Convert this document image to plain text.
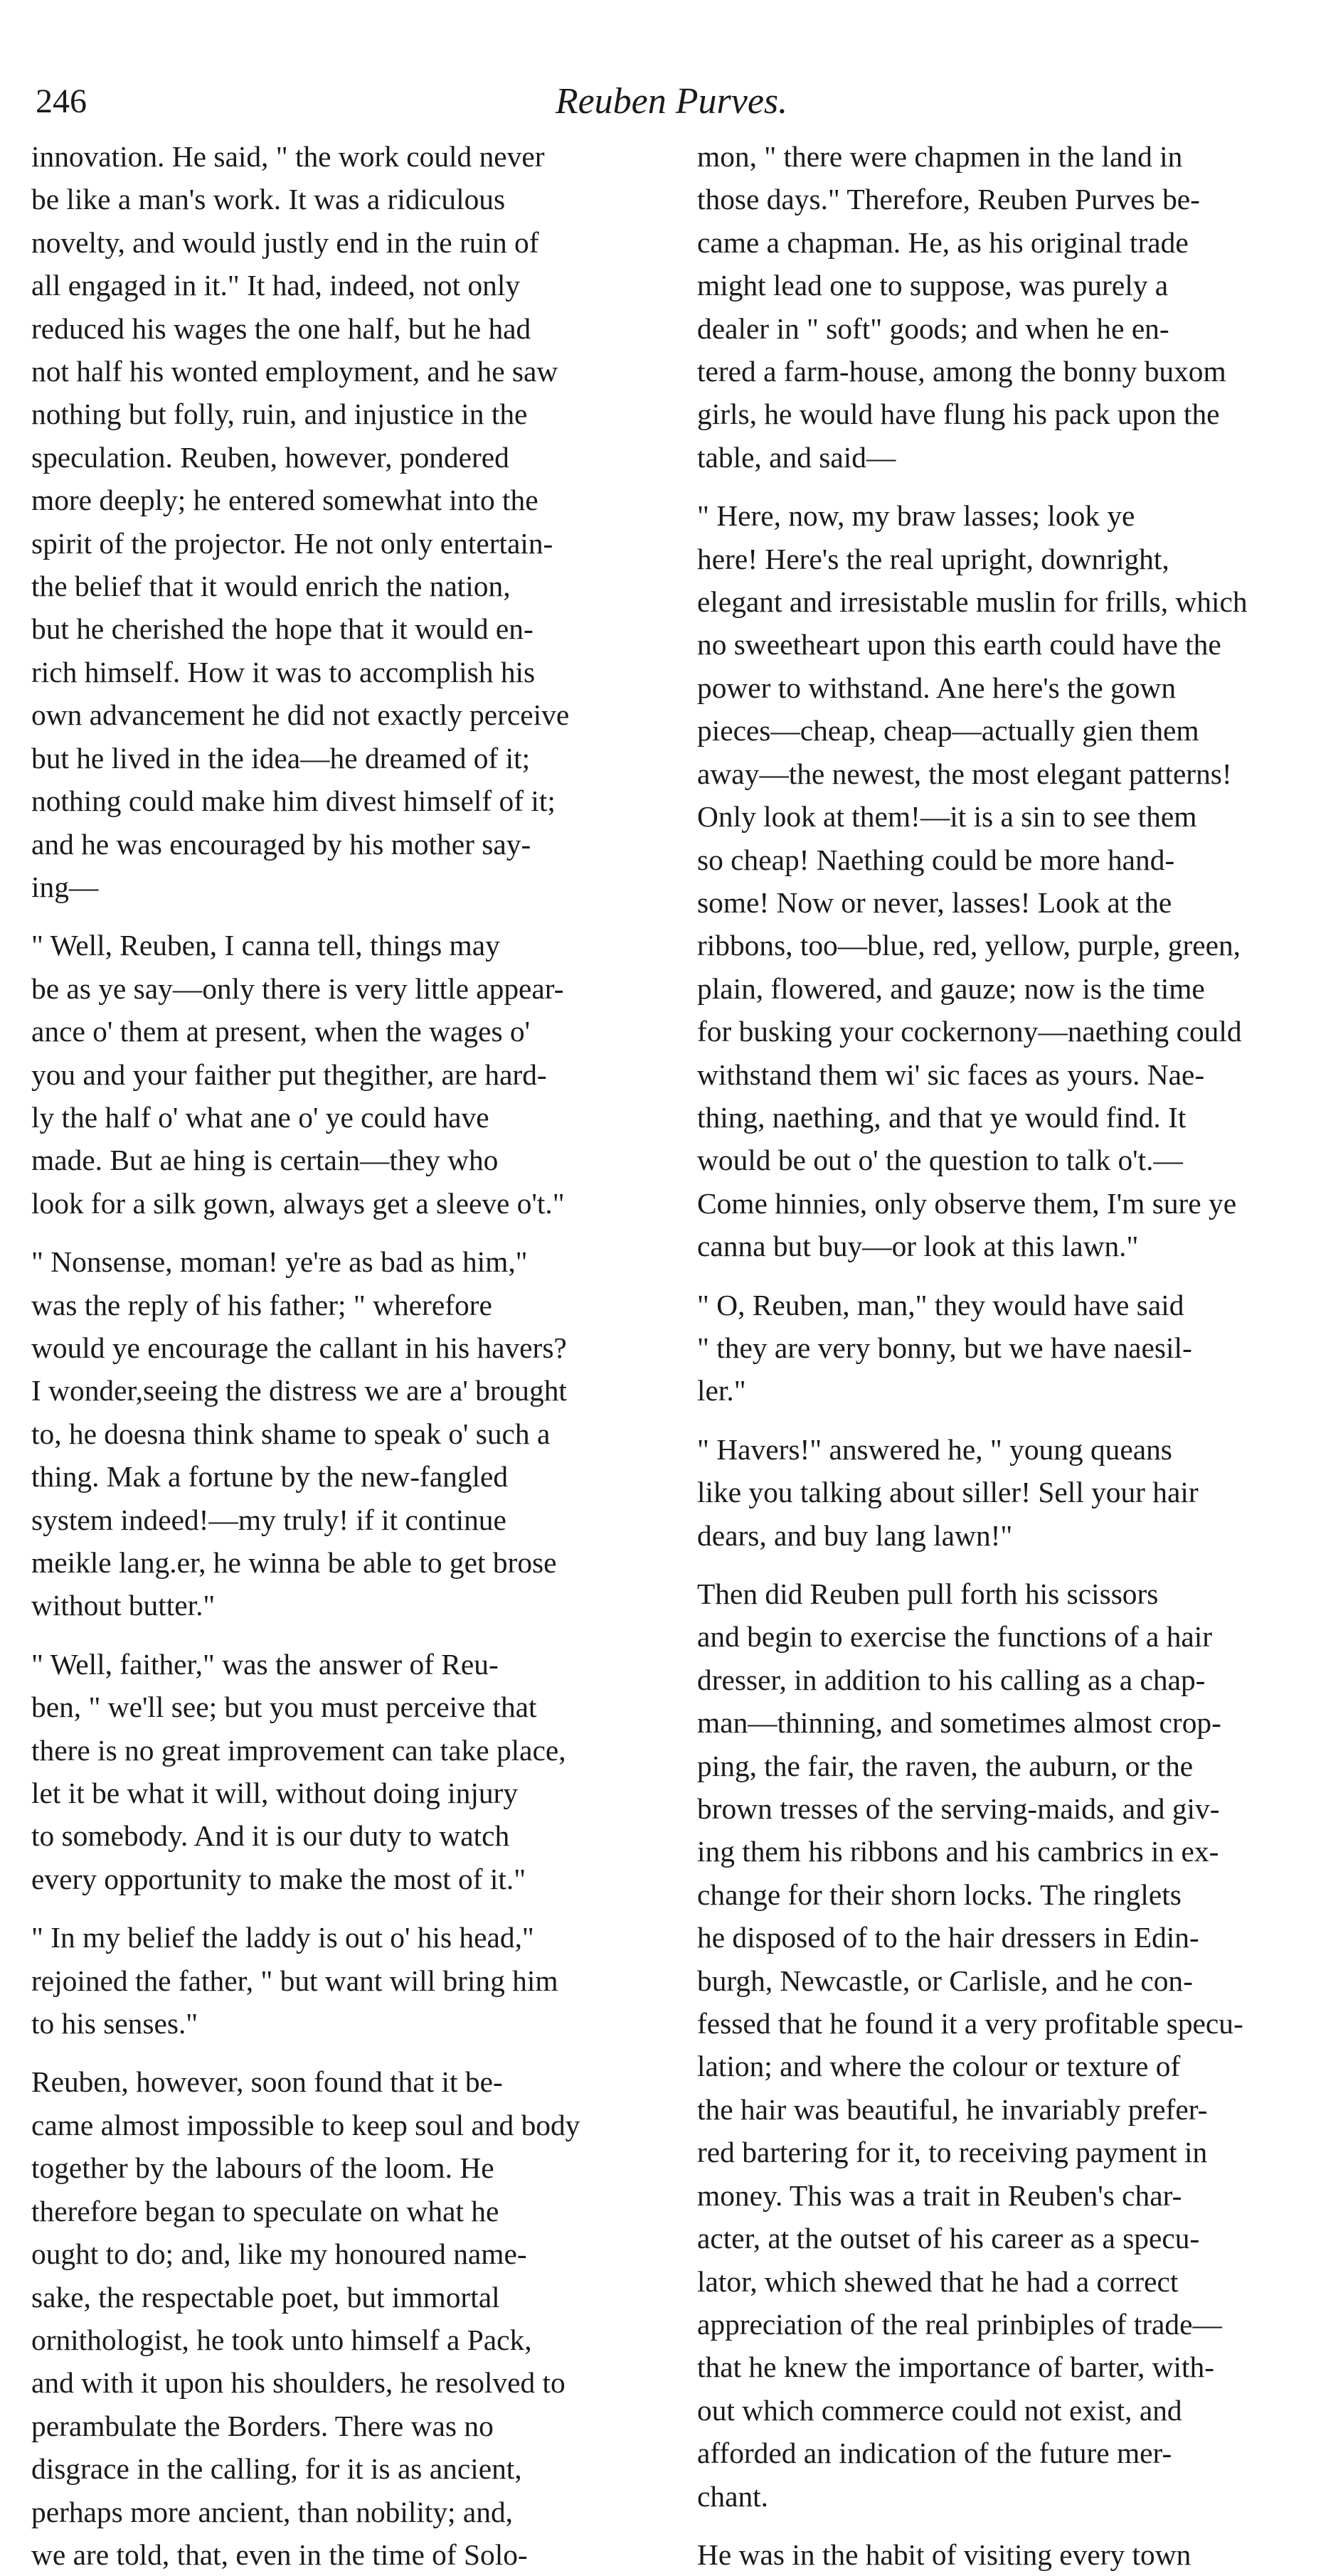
246	Reuben Purves.
innovation. He said, " the work could never
be like a man's work. It was a ridiculous
novelty, and would justly end in the ruin of
all engaged in it." It had, indeed, not only
reduced his wages the one half, but he had
not half his wonted employment, and he saw
nothing but folly, ruin, and injustice in the
speculation. Reuben, however, pondered
more deeply; he entered somewhat into the
spirit of the projector. He not only entertain-
the belief that it would enrich the nation,
but he cherished the hope that it would en-
rich himself. How it was to accomplish his
own advancement he did not exactly perceive
but he lived in the idea—he dreamed of it;
nothing could make him divest himself of it;
and he was encouraged by his mother say-
ing—
" Well, Reuben, I canna tell, things may
be as ye say—only there is very little appear-
ance o' them at present, when the wages o'
you and your faither put thegither, are hard-
ly the half o' what ane o' ye could have
made. But ae hing is certain—they who
look for a silk gown, always get a sleeve o't."
" Nonsense, moman! ye're as bad as him,"
was the reply of his father; " wherefore
would ye encourage the callant in his havers?
I wonder,seeing the distress we are a' brought
to, he doesna think shame to speak o' such a
thing. Mak a fortune by the new-fangled
system indeed!—my truly! if it continue
meikle lang.er, he winna be able to get brose
without butter."
" Well, faither," was the answer of Reu-
ben, " we'll see; but you must perceive that
there is no great improvement can take place,
let it be what it will, without doing injury
to somebody. And it is our duty to watch
every opportunity to make the most of it."
" In my belief the laddy is out o' his head,"
rejoined the father, " but want will bring him
to his senses."
Reuben, however, soon found that it be-
came almost impossible to keep soul and body
together by the labours of the loom. He
therefore began to speculate on what he
ought to do; and, like my honoured name-
sake, the respectable poet, but immortal
ornithologist, he took unto himself a Pack,
and with it upon his shoulders, he resolved to
perambulate the Borders. There was no
disgrace in the calling, for it is as ancient,
perhaps more ancient, than nobility; and,
we are told, that, even in the time of Solo-
mon, " there were chapmen in the land in
those days." Therefore, Reuben Purves be-
came a chapman. He, as his original trade
might lead one to suppose, was purely a
dealer in " soft" goods; and when he en-
tered a farm-house, among the bonny buxom
girls, he would have flung his pack upon the
table, and said—
" Here, now, my braw lasses; look ye
here! Here's the real upright, downright,
elegant and irresistable muslin for frills, which
no sweetheart upon this earth could have the
power to withstand. Ane here's the gown
pieces—cheap, cheap—actually gien them
away—the newest, the most elegant patterns!
Only look at them!—it is a sin to see them
so cheap! Naething could be more hand-
some! Now or never, lasses! Look at the
ribbons, too—blue, red, yellow, purple, green,
plain, flowered, and gauze; now is the time
for busking your cockernony—naething could
withstand them wi' sic faces as yours. Nae-
thing, naething, and that ye would find. It
would be out o' the question to talk o't.—
Come hinnies, only observe them, I'm sure ye
canna but buy—or look at this lawn."
" O, Reuben, man," they would have said
" they are very bonny, but we have naesil-
ler."
" Havers!" answered he, " young queans
like you talking about siller! Sell your hair
dears, and buy lang lawn!"
Then did Reuben pull forth his scissors
and begin to exercise the functions of a hair
dresser, in addition to his calling as a chap-
man—thinning, and sometimes almost crop-
ping, the fair, the raven, the auburn, or the
brown tresses of the serving-maids, and giv-
ing them his ribbons and his cambrics in ex-
change for their shorn locks. The ringlets
he disposed of to the hair dressers in Edin-
burgh, Newcastle, or Carlisle, and he con-
fessed that he found it a very profitable specu-
lation; and where the colour or texture of
the hair was beautiful, he invariably prefer-
red bartering for it, to receiving payment in
money. This was a trait in Reuben's char-
acter, at the outset of his career as a specu-
lator, which shewed that he had a correct
appreciation of the real prinbiples of trade—
that he knew the importance of barter, with-
out which commerce could not exist, and
afforded an indication of the future mer-
chant.
He was in the habit of visiting every town
